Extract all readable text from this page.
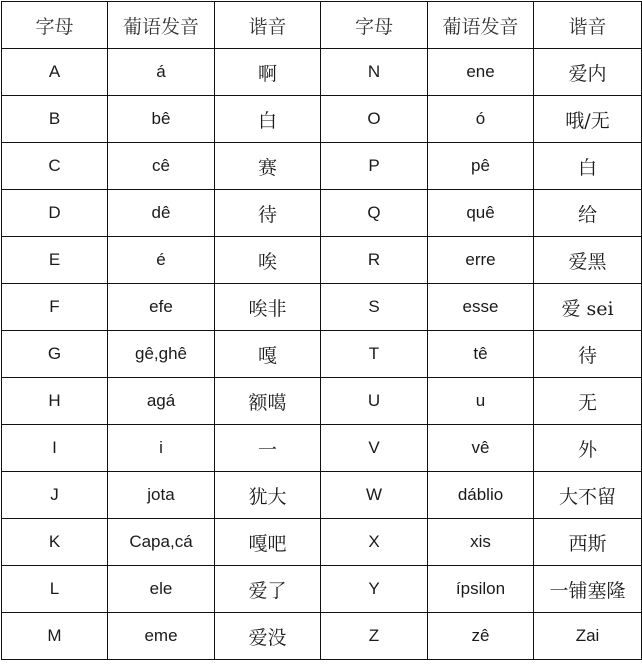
字母	葡语发音	谐音	字母	葡语发音	谐音
A	á	啊	N	ene	爱内
B	bê	白	O	ó	哦/无
C	cê	赛	P	pê	白
D	dê	待	Q	quê	给
E	é	唉	R	erre	爱黑
F	efe	唉非	S	esse	爱 sei
G	gê,ghê	嘎	T	tê	待
H	agá	额噶	U	u	无
I	i	一	V	vê	外
J	jota	犹大	W	dáblio	大不留
K	Capa,cá	嘎吧	X	xis	西斯
L	ele	爱了	Y	ípsilon	一铺塞隆
M	eme	爱没	Z	zê	Zai
